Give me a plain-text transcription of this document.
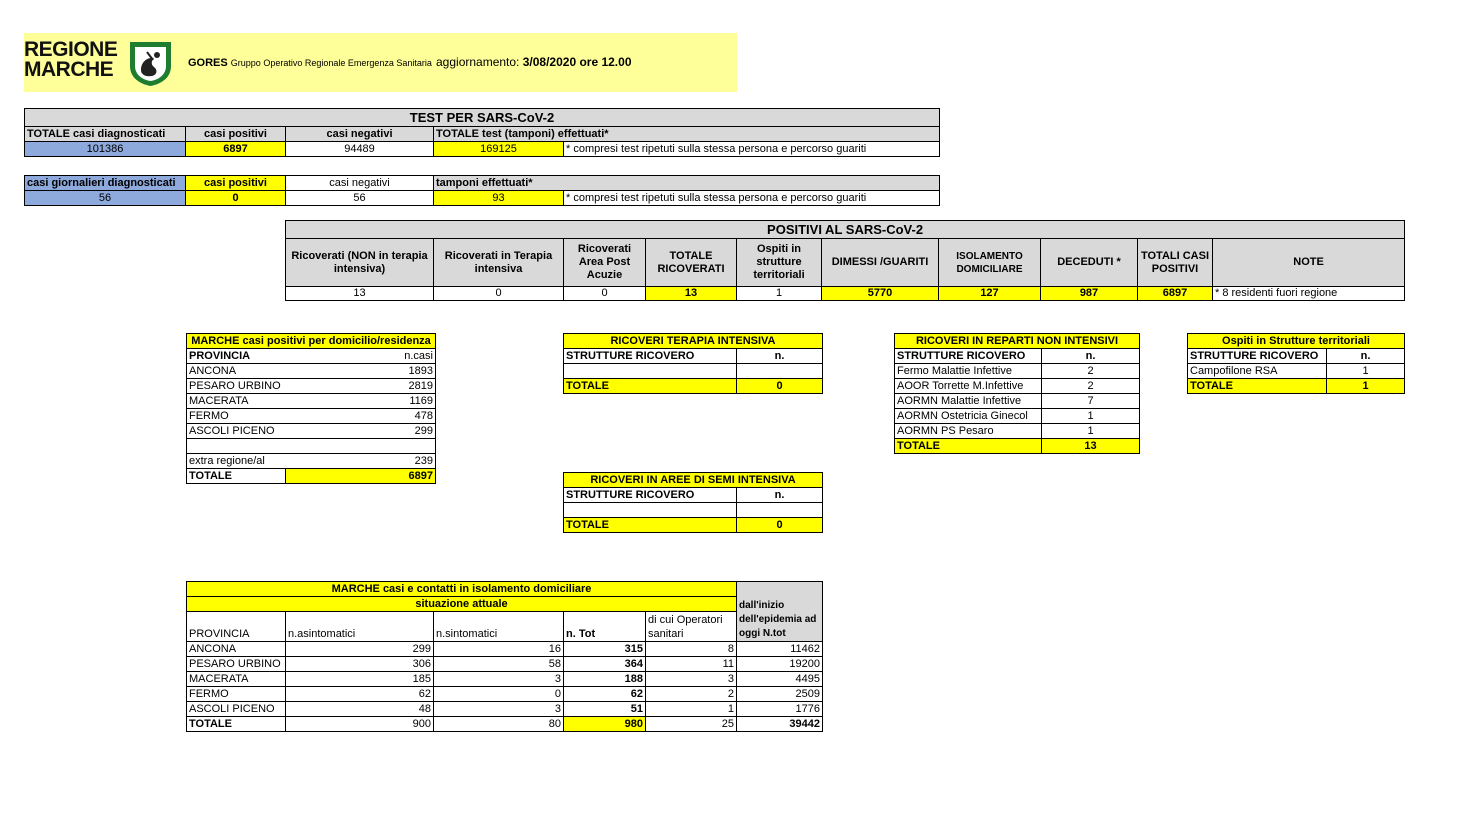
REGIONE
MARCHE	GORES Gruppo Operativo Regionale Emergenza Sanitaria aggiornamento: 3/08/2020 ore 12.00
TEST PER SARS-CoV-2				
TOTALE casi diagnosticati	casi positivi	casi negativi	TOTALE test (tamponi) effettuati*	
101386	6897	94489	169125	* compresi test ripetuti sulla stessa persona e percorso guariti
casi giornalieri diagnosticati	casi positivi	casi negativi	tamponi effettuati*	
56	0	56	93	* compresi test ripetuti sulla stessa persona e percorso guariti
POSITIVI AL SARS-CoV-2									
Ricoverati (NON in terapia intensiva)	Ricoverati in Terapia intensiva	Ricoverati Area Post Acuzie	TOTALE RICOVERATI	Ospiti in strutture territoriali	DIMESSI /GUARITI	ISOLAMENTO DOMICILIARE	DECEDUTI *	TOTALI CASI POSITIVI	NOTE
13	0	0	13	1	5770	127	987	6897	* 8 residenti fuori regione
MARCHE casi positivi per domicilio/residenza	
PROVINCIA	n.casi
ANCONA	1893
PESARO URBINO	2819
MACERATA	1169
FERMO	478
ASCOLI PICENO	299

extra regione/al	239
TOTALE	6897
RICOVERI TERAPIA INTENSIVA	
STRUTTURE RICOVERO	n.

TOTALE	0
RICOVERI IN AREE DI SEMI INTENSIVA	
STRUTTURE RICOVERO	n.

TOTALE	0
RICOVERI IN REPARTI NON INTENSIVI	
STRUTTURE RICOVERO	n.
Fermo Malattie Infettive	2
AOOR Torrette M.Infettive	2
AORMN Malattie Infettive	7
AORMN Ostetricia Ginecol	1
AORMN PS Pesaro	1
TOTALE	13
Ospiti in Strutture territoriali	
STRUTTURE RICOVERO	n.
Campofilone RSA	1
TOTALE	1
MARCHE casi e contatti in isolamento domiciliare					
situazione attuale					dall'inizio dell'epidemia ad oggi N.tot
PROVINCIA	n.asintomatici	n.sintomatici	n. Tot	di cui Operatori sanitari	
ANCONA	299	16	315	8	11462
PESARO URBINO	306	58	364	11	19200
MACERATA	185	3	188	3	4495
FERMO	62	0	62	2	2509
ASCOLI PICENO	48	3	51	1	1776
TOTALE	900	80	980	25	39442
